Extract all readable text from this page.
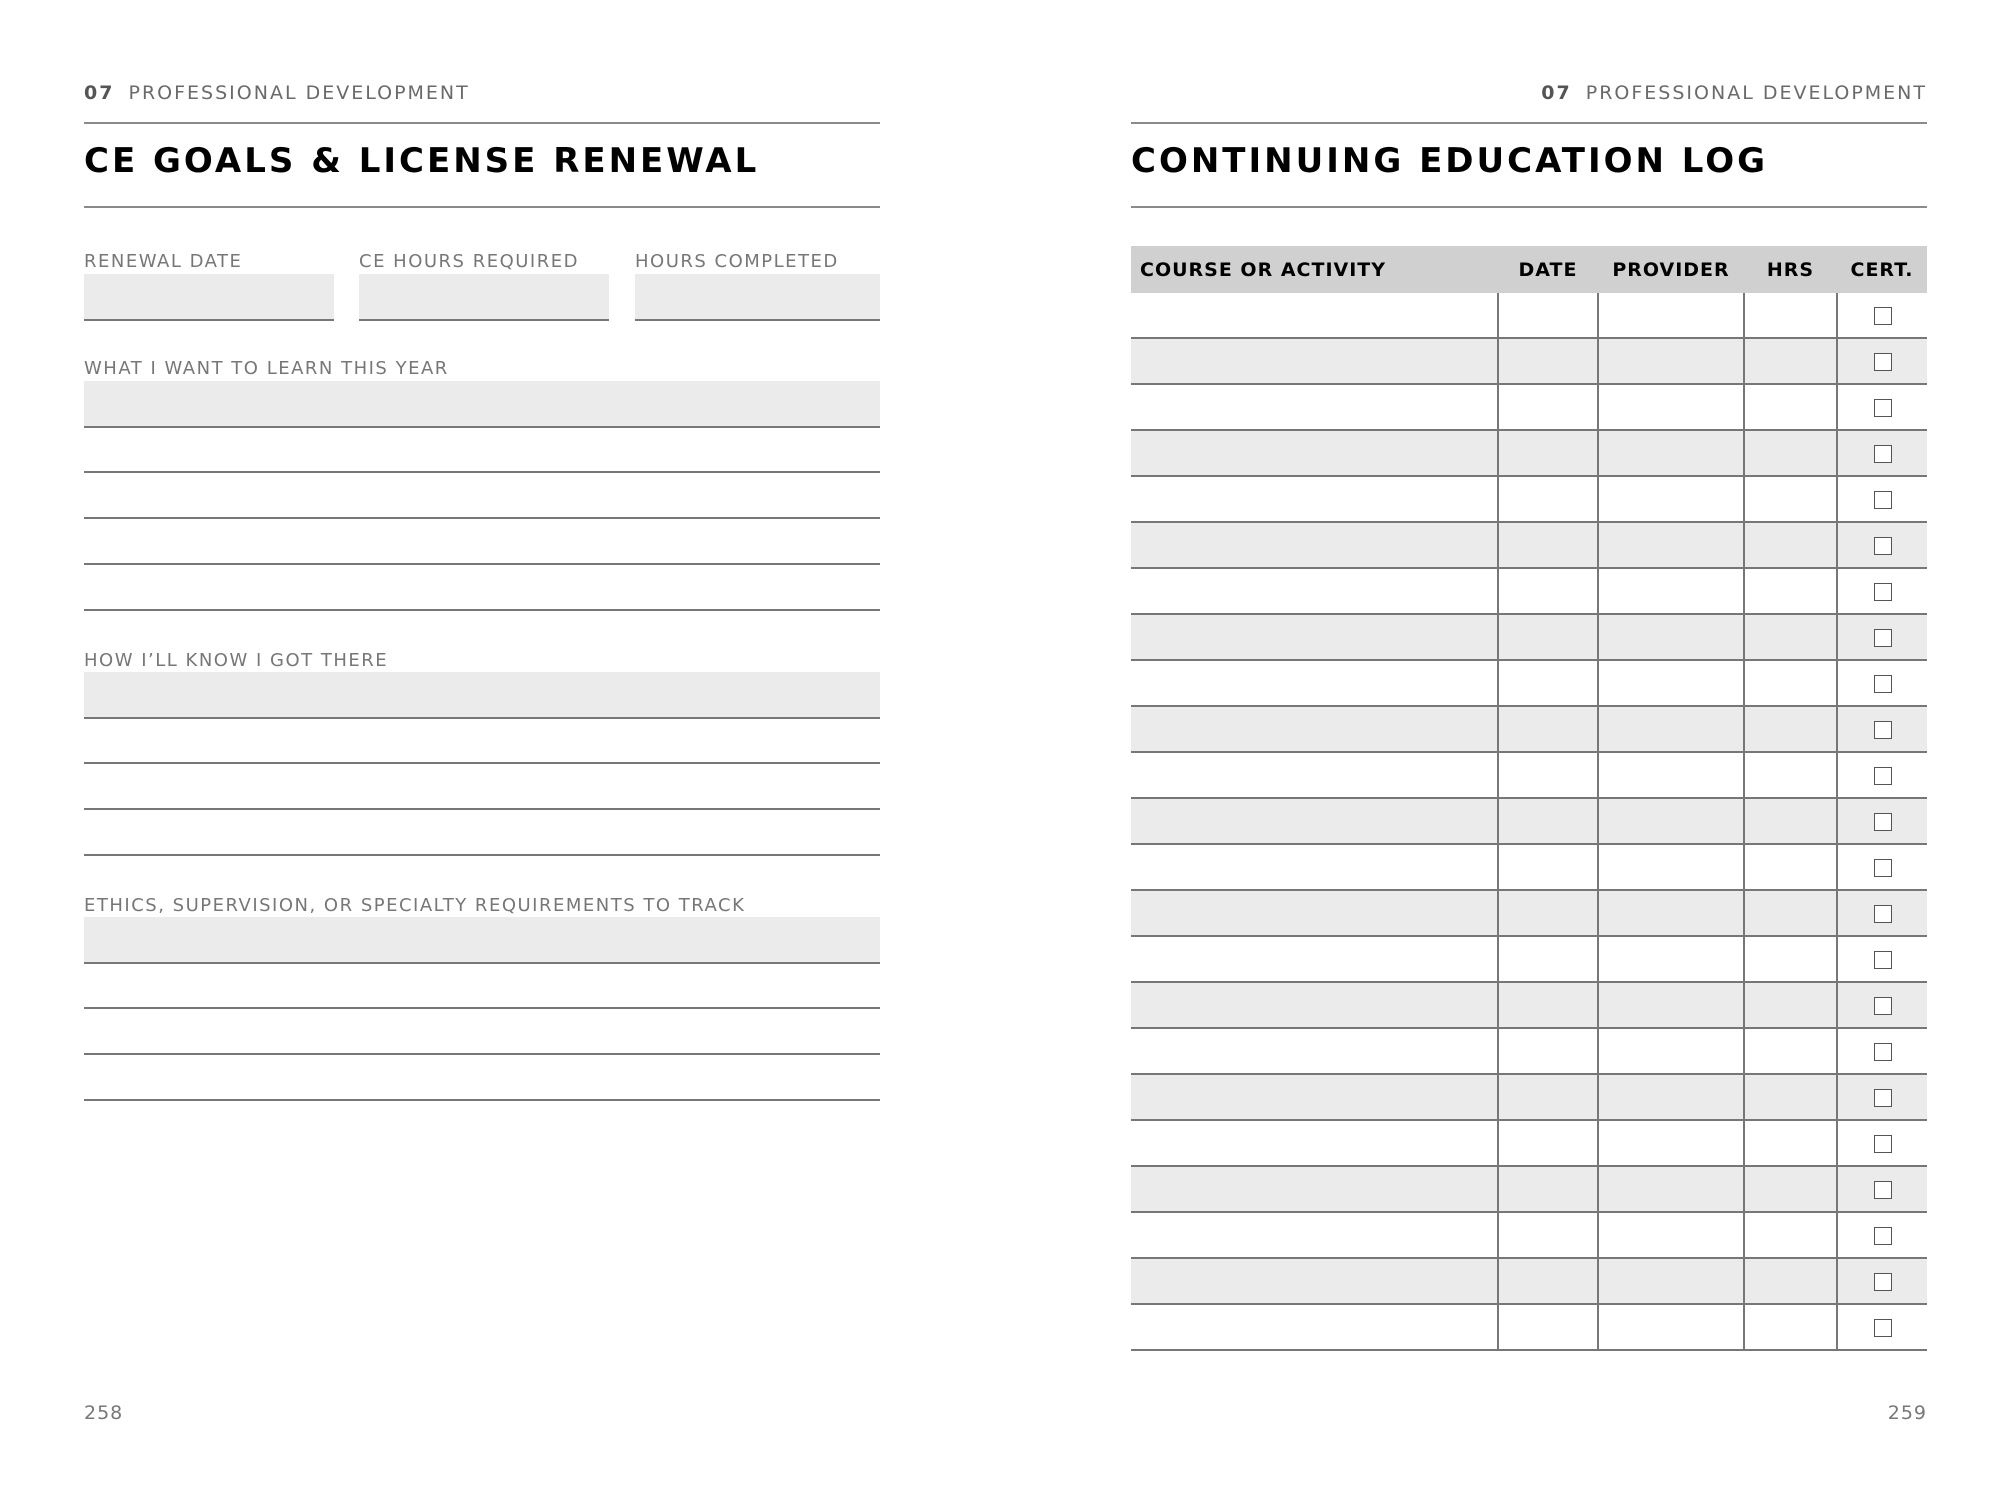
07 PROFESSIONAL DEVELOPMENT
CE GOALS & LICENSE RENEWAL
RENEWAL DATE	CE HOURS REQUIRED	HOURS COMPLETED
WHAT I WANT TO LEARN THIS YEAR
HOW I’LL KNOW I GOT THERE
ETHICS, SUPERVISION, OR SPECIALTY REQUIREMENTS TO TRACK
258
07 PROFESSIONAL DEVELOPMENT
CONTINUING EDUCATION LOG
COURSE OR ACTIVITY	DATE	PROVIDER	HRS	CERT.

259
